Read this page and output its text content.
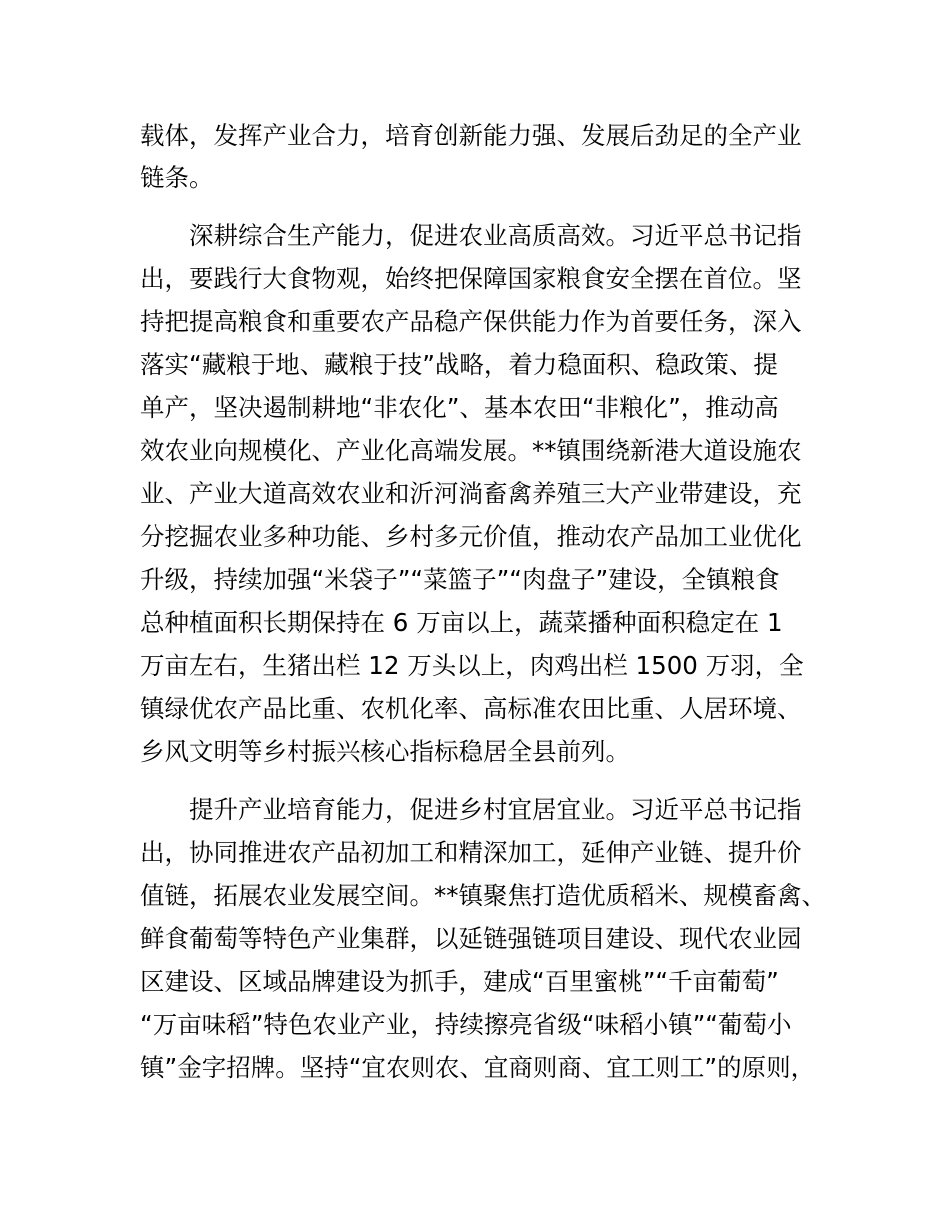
载体，发挥产业合力，培育创新能力强、发展后劲足的全产业
链条。
深耕综合生产能力，促进农业高质高效。习近平总书记指
出，要践行大食物观，始终把保障国家粮食安全摆在首位。坚
持把提高粮食和重要农产品稳产保供能力作为首要任务，深入
落实“藏粮于地、藏粮于技”战略，着力稳面积、稳政策、提
单产，坚决遏制耕地“非农化”、基本农田“非粮化”，推动高
效农业向规模化、产业化高端发展。**镇围绕新港大道设施农
业、产业大道高效农业和沂河淌畜禽养殖三大产业带建设，充
分挖掘农业多种功能、乡村多元价值，推动农产品加工业优化
升级，持续加强“米袋子”“菜篮子”“肉盘子”建设，全镇粮食
总种植面积长期保持在 6 万亩以上，蔬菜播种面积稳定在 1
万亩左右，生猪出栏 12 万头以上，肉鸡出栏 1500 万羽，全
镇绿优农产品比重、农机化率、高标准农田比重、人居环境、
乡风文明等乡村振兴核心指标稳居全县前列。
提升产业培育能力，促进乡村宜居宜业。习近平总书记指
出，协同推进农产品初加工和精深加工，延伸产业链、提升价
值链，拓展农业发展空间。**镇聚焦打造优质稻米、规模畜禽、
鲜食葡萄等特色产业集群，以延链强链项目建设、现代农业园
区建设、区域品牌建设为抓手，建成“百里蜜桃”“千亩葡萄”
“万亩味稻”特色农业产业，持续擦亮省级“味稻小镇”“葡萄小
镇”金字招牌。坚持“宜农则农、宜商则商、宜工则工”的原则，
